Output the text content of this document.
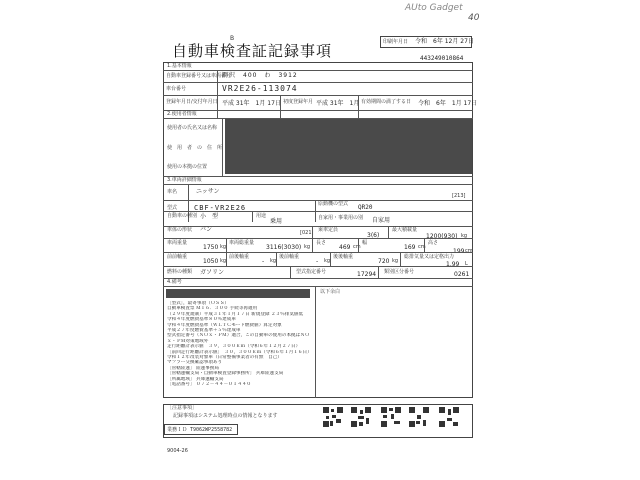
AUto Gadget
40
B
自動車検査証記録事項	印刷年月日 令和　6年 12月 27日
443249010864
1.基本情報
自動車登録番号又は車両番号
岡沢　400　わ　3912
車台番号	VR2E26-113074
登録年月日/交付年月日 平成 31年　1月 17日 初度登録年月 平成 31年　1月 有効期間の満了する日 令和　6年　1月 17日
2.使用者情報
使用者の氏名又は名称
使　用　者　の　住　所
使用の本拠の位置
3.車両詳細情報
車名	ニッサン
[213]
型式 CBF-VR2E26	原動機の型式 QR20
自動車の種別 小　型	用途
乗用	自家用・事業用の別 自家用
車体の形状 バン	[021] 乗車定員
3(6)
最大積載量
1200(930) kg
車両重量
1750 kg
車両総重量
3116(3030) kg
長さ
469 cm
幅
169 cm
高さ
199 cm
前前軸重
1050 kg
前後軸重
- kg
後前軸重
- kg
後後軸重
720 kg
総排気量又は定格出力
1.99 L
燃料の種類 ガソリン	型式指定番号	17294 類別区分番号	0261
4.備考
以下余白
［型式］，最寄事項（ＯＳＳ）
自動車検査票 Ｍ１６．３００ 手続等再適用
（２９年度規制）平成３１年１月１７日 新規登録 ２３％排気値低
令和４年度燃費基準８０％達成車
令和４年度燃費基準（ＷＬＴＣモード燃費値）算定対象
平成２７年度燃費基準＋５％達成車
型式指定番号（ＮＯｘ・ＰＭ）適合，この自動車の使用の本拠はＮＯ
ｘ・ＰＭ対策地域外
走行距離計表示値　３９，３００ｋｍ（令和６年１２月２７日）
［前回走行距離計表示値］　３０，３００ｋｍ（令和６年１月１６日）
令和１２年改装対象車（日常整備事業者の有無　自己）
マフラー交換確認事項あり
［管轄陸運］ 陸運事務局
［管轄運輸支局・自動車検査登録事務所］ 兵庫陸運支局
［所属地域］ 兵庫運輸支局
［電話番号］ ０７２－４４－０１４４０
［注意事項］
記録事項はシステム処理時点の情報となります
業務ＩＤ T9062WP2558782
9004-26
